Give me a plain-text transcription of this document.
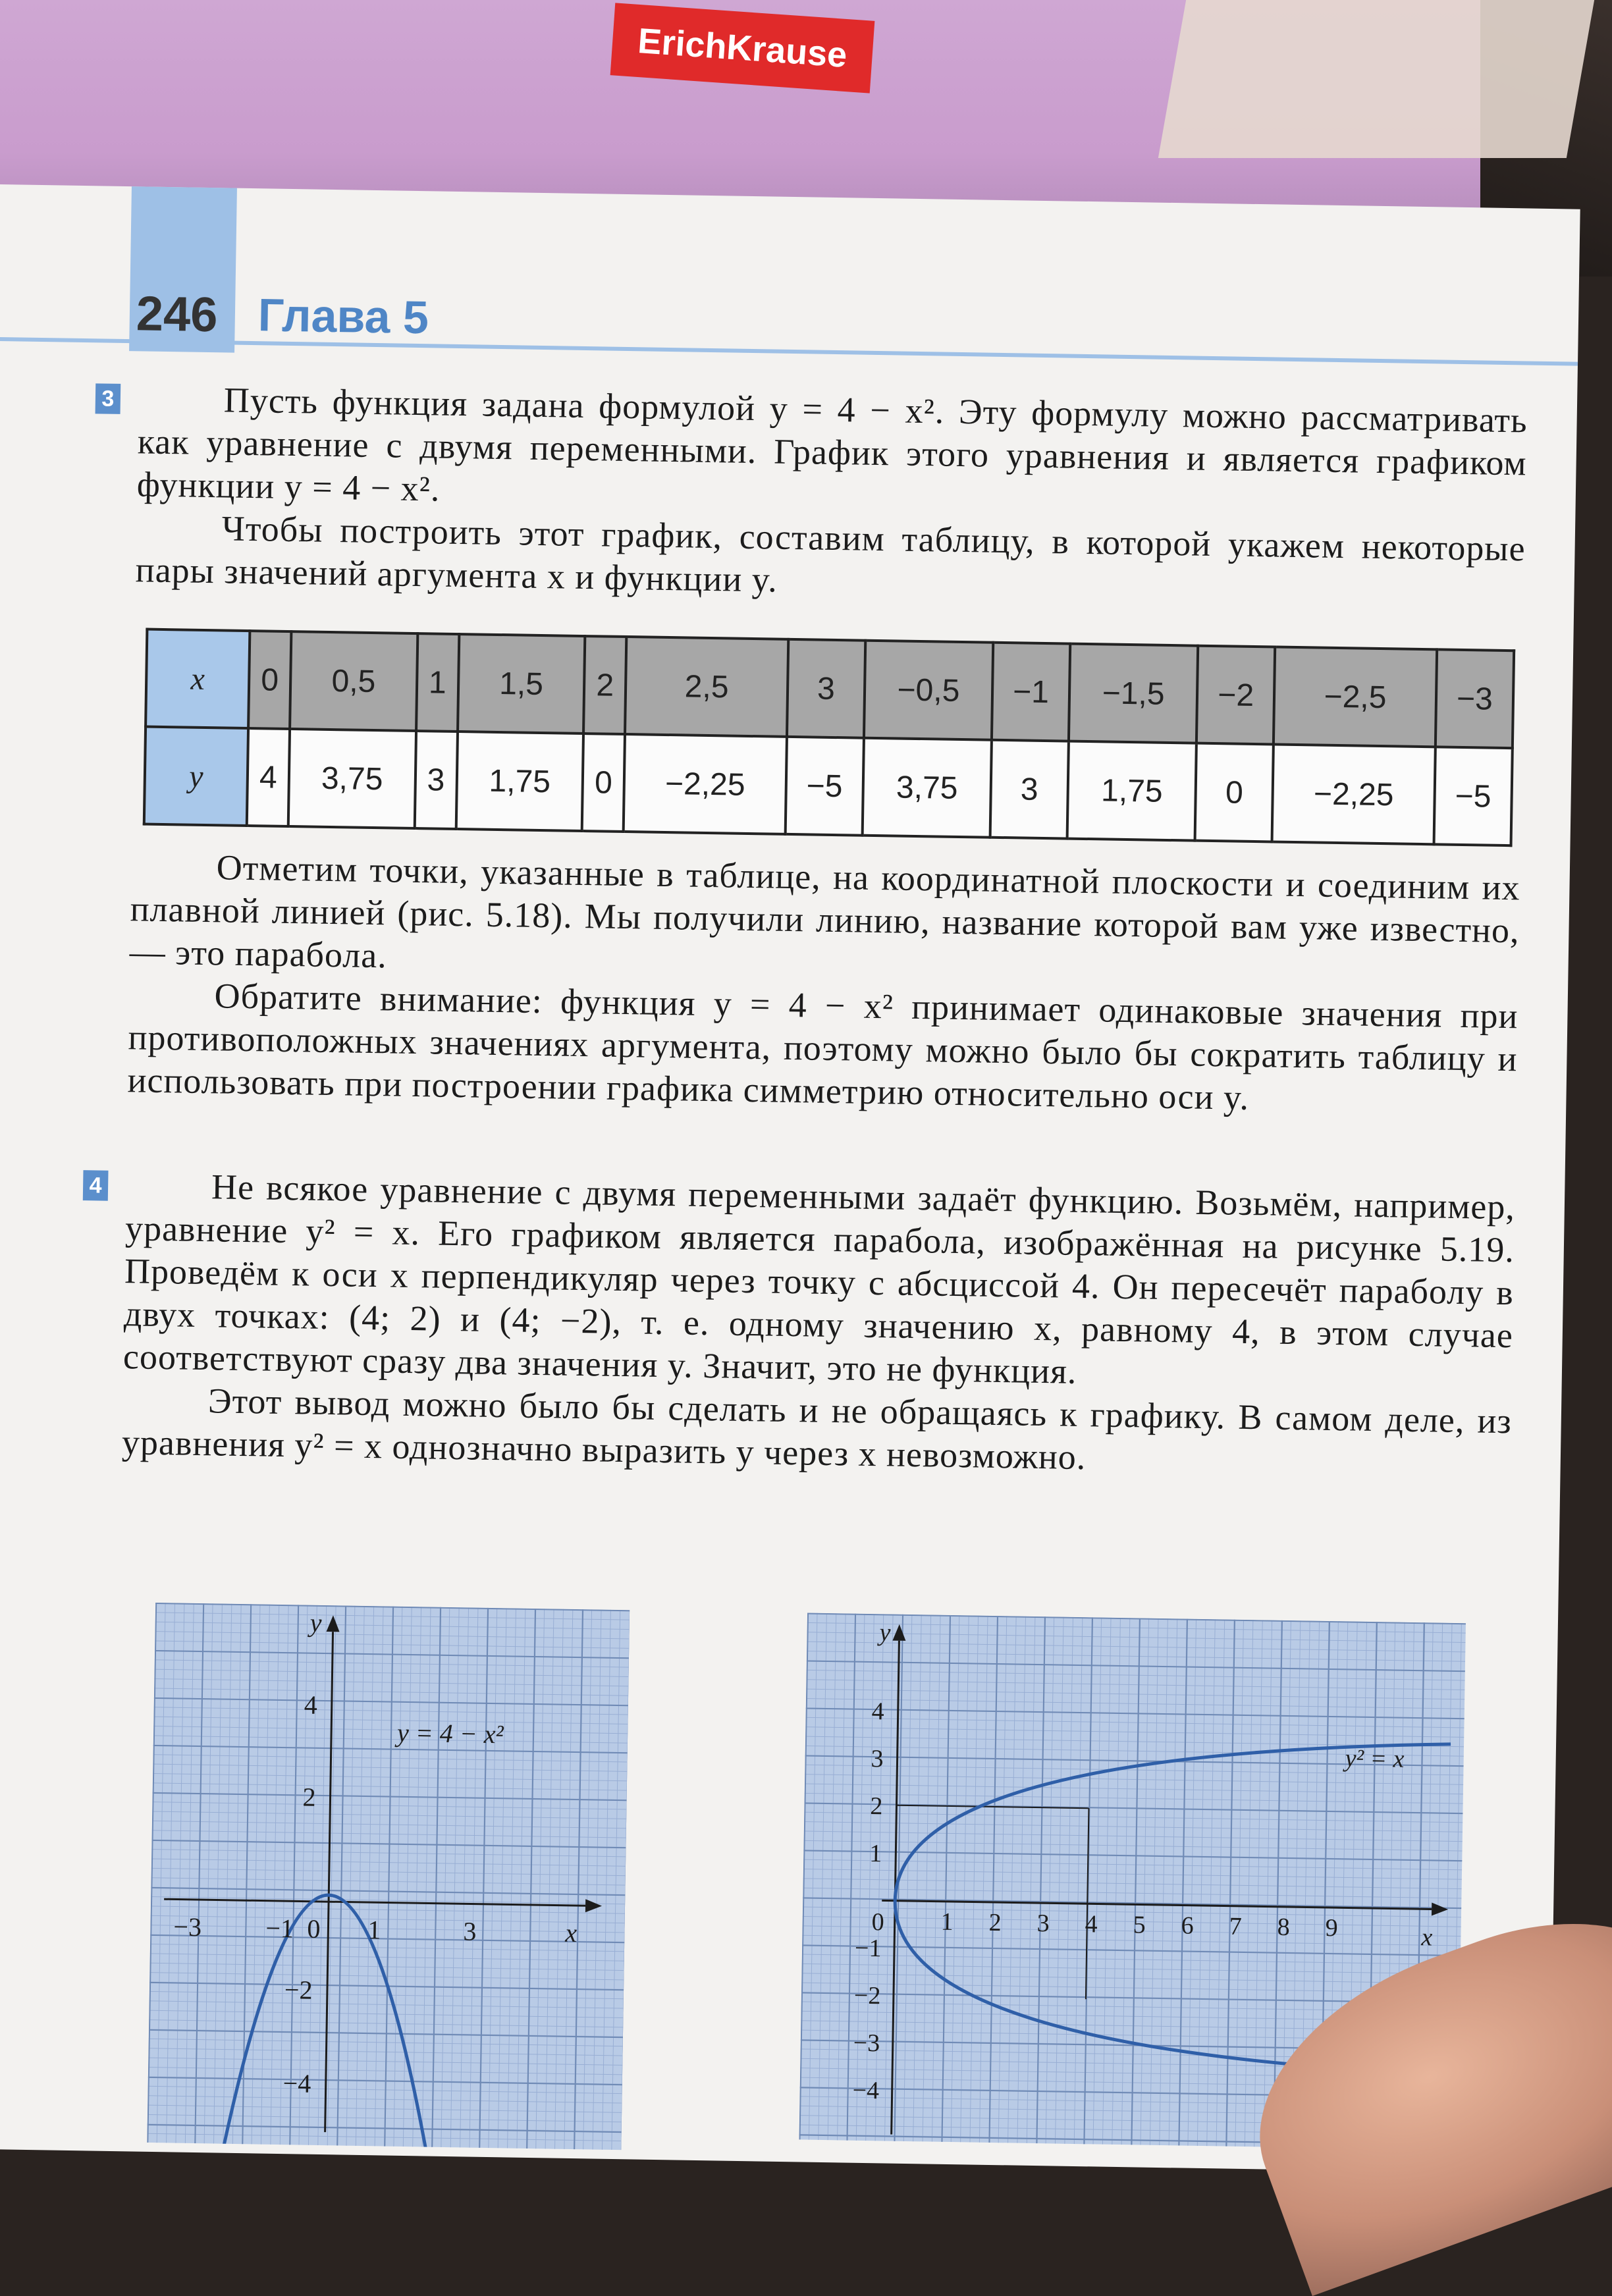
ErichKrause
246 Глава 5
3	Пусть функция задана формулой y = 4 − x². Эту формулу можно рассматривать как уравнение с двумя переменными. График этого уравнения и является графиком функции y = 4 − x².

Чтобы построить этот график, составим таблицу, в которой укажем некоторые пары значений аргумента x и функции y.

x	0	0,5	1	1,5	2	2,5	3	−0,5	−1	−1,5	−2	−2,5	−3
y	4	3,75	3	1,75	0	−2,25	−5	3,75	3	1,75	0	−2,25	−5

Отметим точки, указанные в таблице, на координатной плоскости и соединим их плавной линией (рис. 5.18). Мы получили линию, название которой вам уже известно, — это парабола.

Обратите внимание: функция y = 4 − x² принимает одинаковые значения при противоположных значениях аргумента, поэтому можно было бы сократить таблицу и использовать при построении графика симметрию относительно оси y.

4	Не всякое уравнение с двумя переменными задаёт функцию. Возьмём, например, уравнение y² = x. Его графиком является парабола, изображённая на рисунке 5.19. Проведём к оси x перпендикуляр через точку с абсциссой 4. Он пересечёт параболу в двух точках: (4; 2) и (4; −2), т. е. одному значению x, равному 4, в этом случае соответствуют сразу два значения y. Значит, это не функция.

Этот вывод можно было бы сделать и не обращаясь к графику. В самом деле, из уравнения y² = x однозначно выразить y через x невозможно.

x
y
y = 4 − x²
−3 −1 0 1	3
4
2
−2
−4
x
y
y² = x
0 1 2 3 4 5 6 7 8 9
4
3
2
1
−1
−2
−3
−4
